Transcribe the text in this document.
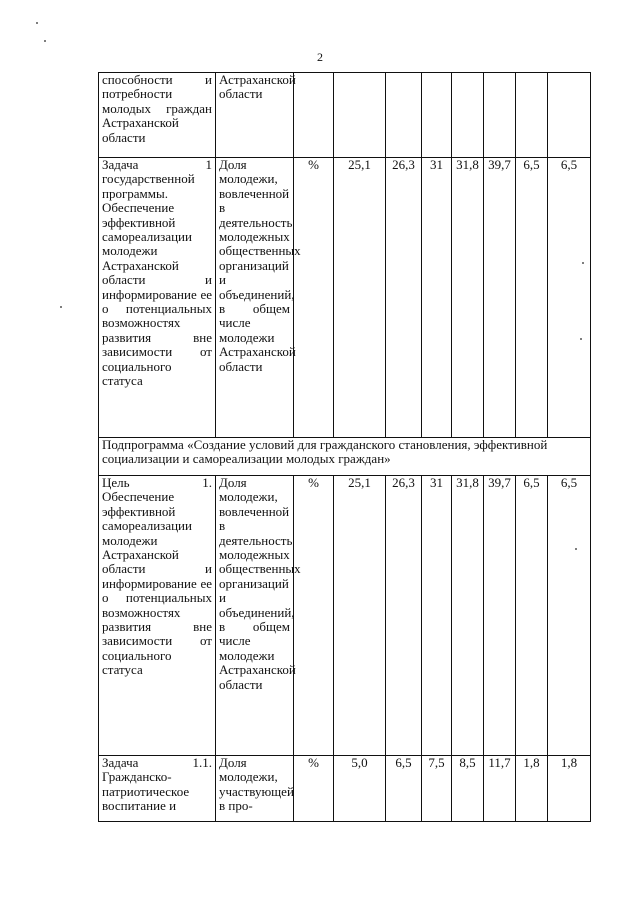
2
способности и потребности молодых граждан Астраханской области	Астраханской области								

Задача 1 государственной программы. Обеспечение эффективной самореализации молодежи Астраханской области и информирование ее о потенциальных возможностях развития вне зависимости от социального статуса	Доля молодежи, вовлеченной в деятельность молодежных общественных организаций и объединений, в общем числе молодежи Астраханской области	%	25,1	26,3	31	31,8	39,7	6,5	6,5
Подпрограмма «Создание условий для гражданского становления, эффективной социализации и самореализации молодых граждан»									

Цель 1. Обеспечение эффективной самореализации молодежи Астраханской области и информирование ее о потенциальных возможностях развития вне зависимости от социального статуса	Доля молодежи, вовлеченной в деятельность молодежных общественных организаций и объединений, в общем числе молодежи Астраханской области	%	25,1	26,3	31	31,8	39,7	6,5	6,5

Задача 1.1. Гражданско-патриотическое воспитание и	Доля молодежи, участвующей в про-	%	5,0	6,5	7,5	8,5	11,7	1,8	1,8
